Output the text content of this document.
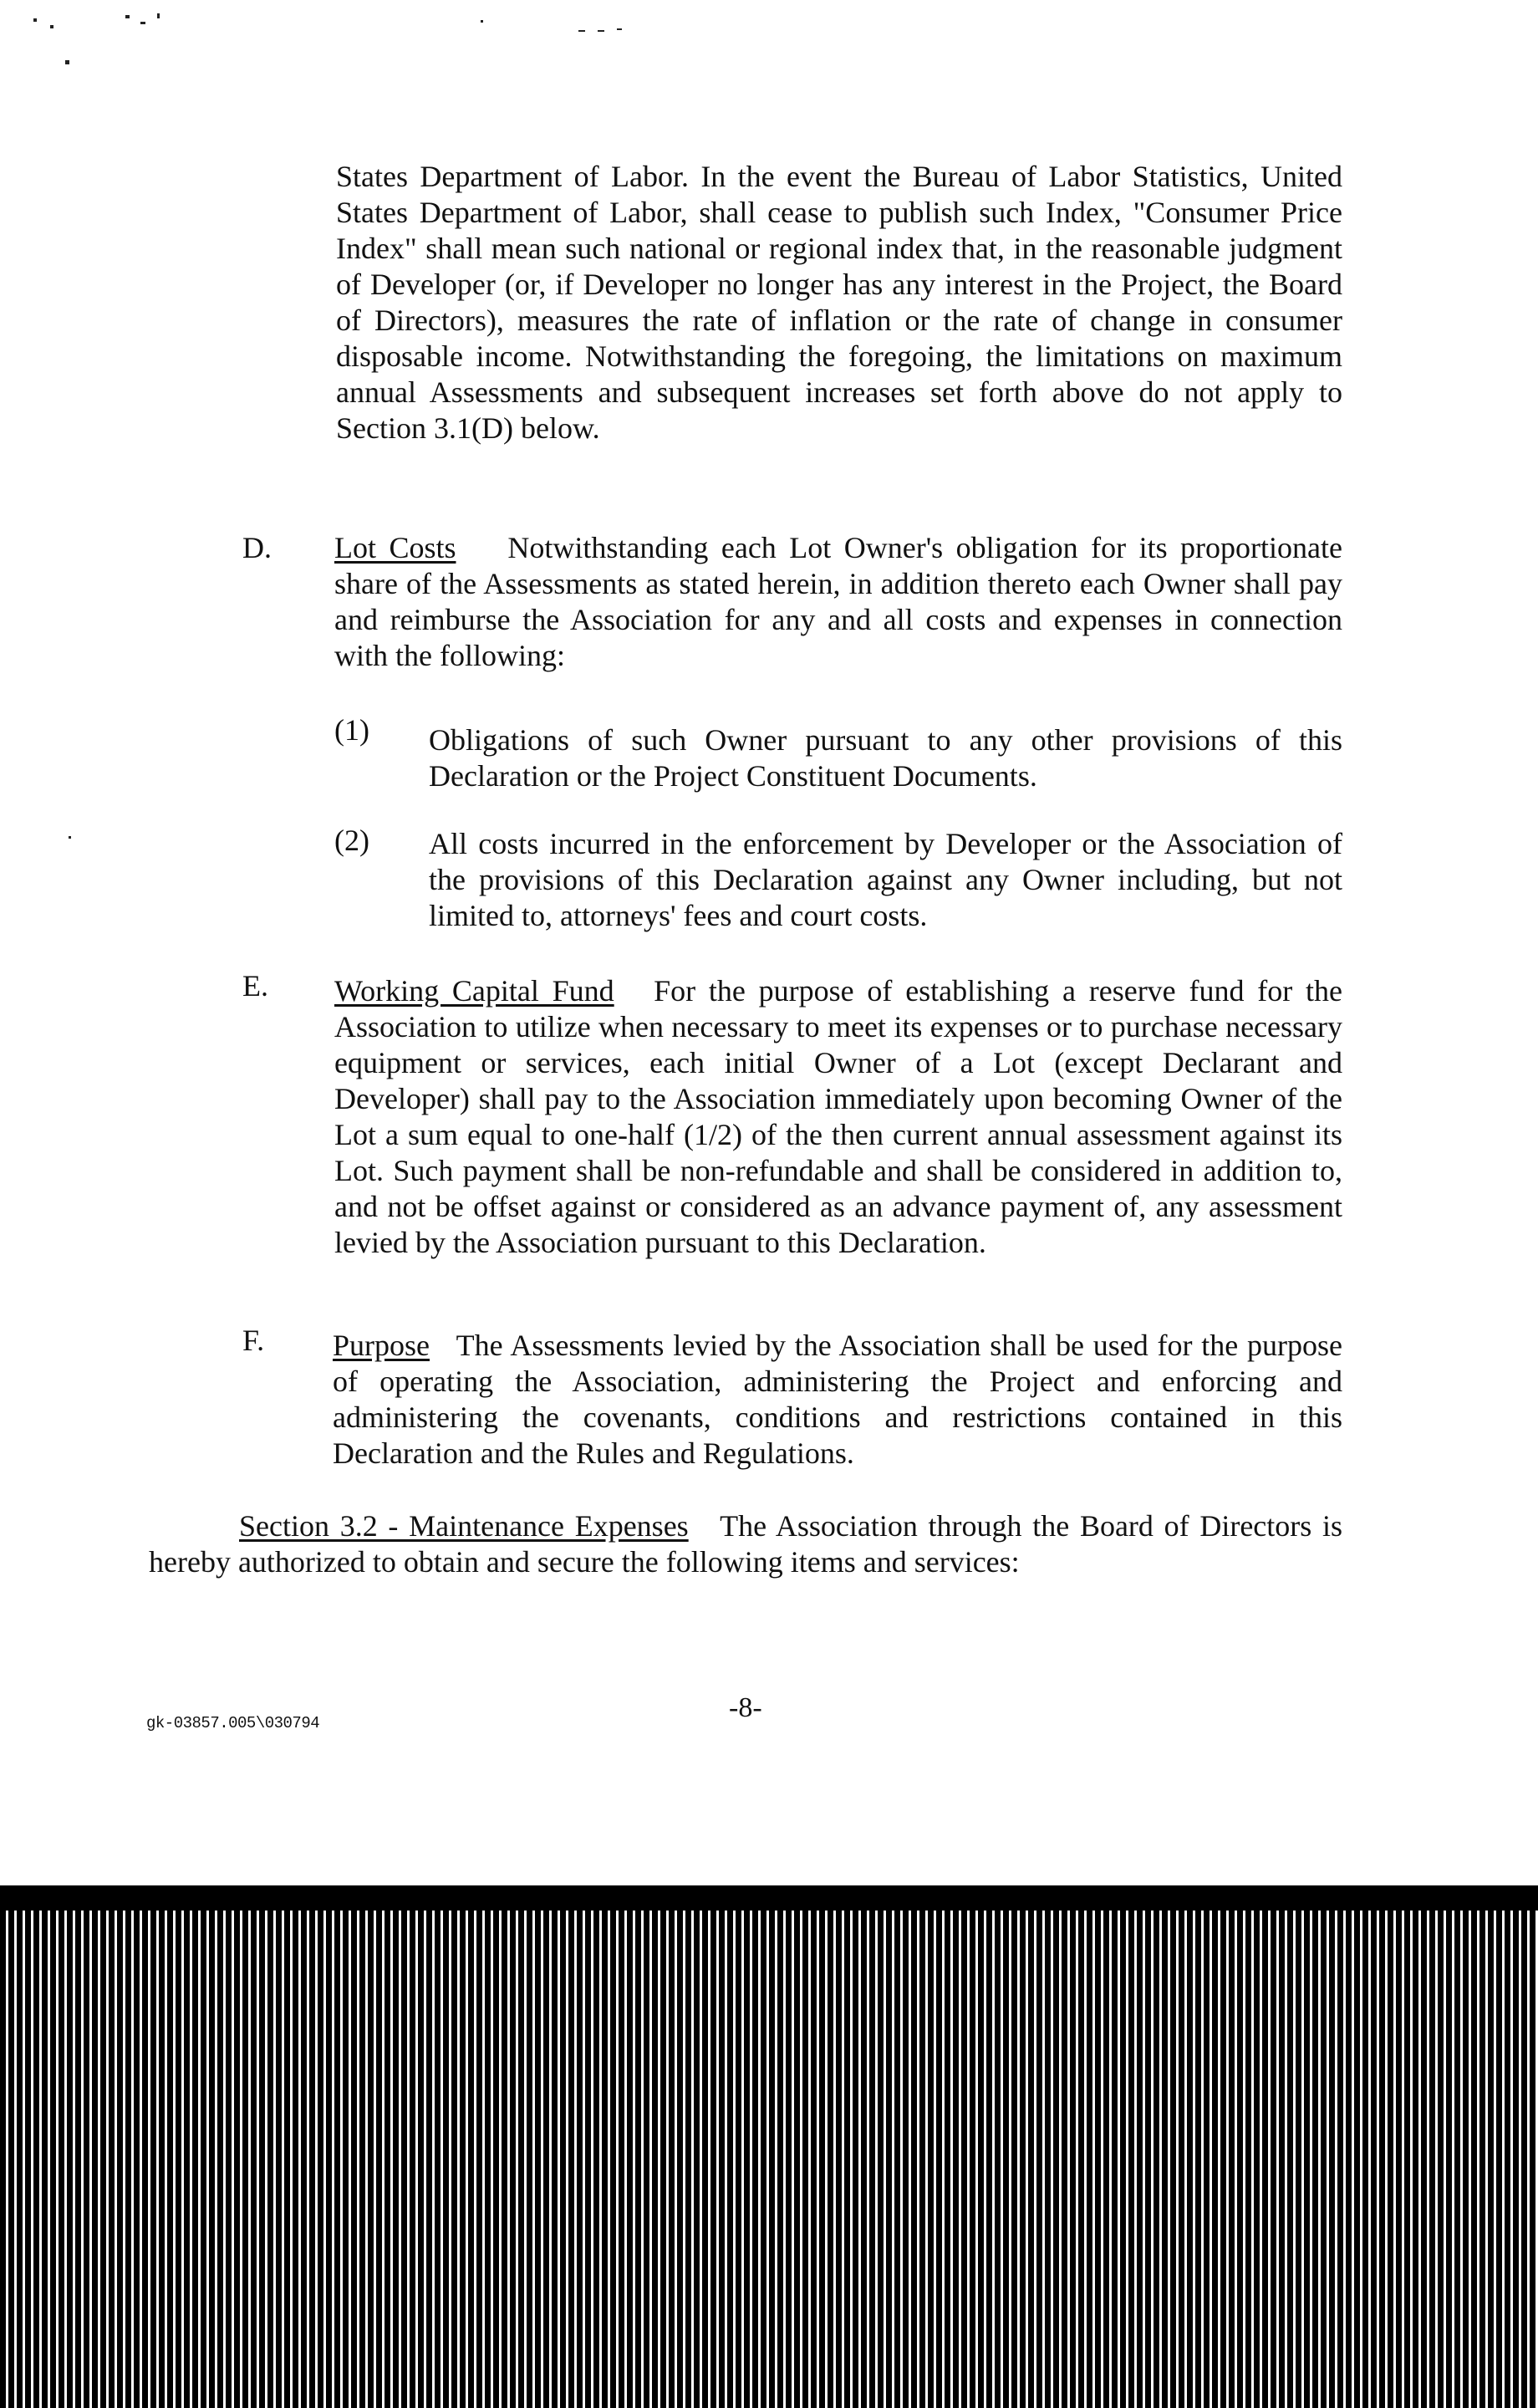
States Department of Labor. In the event the Bureau of Labor Statistics, United States Department of Labor, shall cease to publish such Index, "Consumer Price Index" shall mean such national or regional index that, in the reasonable judgment of Developer (or, if Developer no longer has any interest in the Project, the Board of Directors), measures the rate of inflation or the rate of change in consumer disposable income. Notwithstanding the foregoing, the limitations on maximum annual Assessments and subsequent increases set forth above do not apply to Section 3.1(D) below.
D. Lot Costs Notwithstanding each Lot Owner's obligation for its proportionate share of the Assessments as stated herein, in addition thereto each Owner shall pay and reimburse the Association for any and all costs and expenses in connection with the following:
(1) Obligations of such Owner pursuant to any other provisions of this Declaration or the Project Constituent Documents.
(2) All costs incurred in the enforcement by Developer or the Association of the provisions of this Declaration against any Owner including, but not limited to, attorneys' fees and court costs.
E. Working Capital Fund For the purpose of establishing a reserve fund for the Association to utilize when necessary to meet its expenses or to purchase necessary equipment or services, each initial Owner of a Lot (except Declarant and Developer) shall pay to the Association immediately upon becoming Owner of the Lot a sum equal to one-half (1/2) of the then current annual assessment against its Lot. Such payment shall be non-refundable and shall be considered in addition to, and not be offset against or considered as an advance payment of, any assessment levied by the Association pursuant to this Declaration.
F. Purpose The Assessments levied by the Association shall be used for the purpose of operating the Association, administering the Project and enforcing and administering the covenants, conditions and restrictions contained in this Declaration and the Rules and Regulations.
Section 3.2 - Maintenance Expenses The Association through the Board of Directors is hereby authorized to obtain and secure the following items and services:
-8-
gk-03857.005\030794
